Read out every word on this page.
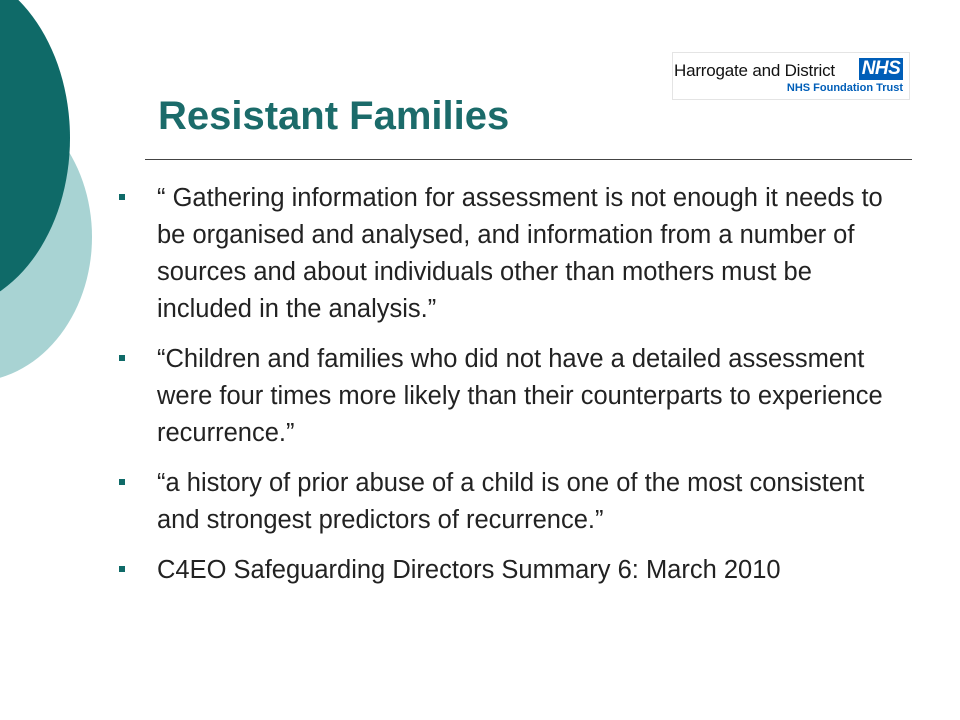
Harrogate and District NHS
NHS Foundation Trust
Resistant Families
“ Gathering information for assessment is not enough it needs to be organised and analysed, and information from a number of sources and about individuals other than mothers must be included in the analysis.”
“Children and families who did not have a detailed assessment were four times more likely than their counterparts to experience recurrence.”
“a history of prior abuse of a child is one of the most consistent and strongest predictors of recurrence.”
C4EO Safeguarding Directors Summary 6: March 2010
